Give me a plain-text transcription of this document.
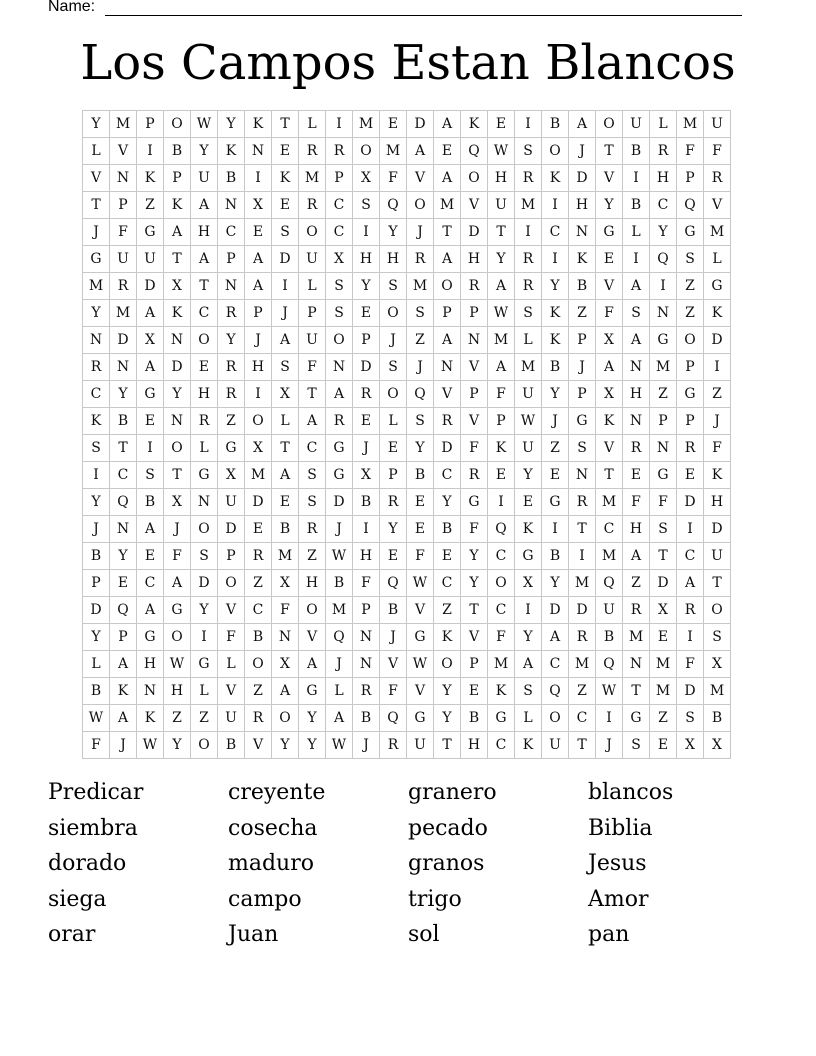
Name:
Los Campos Estan Blancos
Y	M	P	O	W	Y	K	T	L	I	M	E	D	A	K	E	I	B	A	O	U	L	M U
L	V	I	B	Y	K	N	E	R	R	O	M	A	E	Q	W	S	O	J	T	B	R	F	F
V	N	K	P	U	B	I	K	M	P	X	F	V	A	O	H	R	K	D	V	I	H	P	R
T	P	Z	K	A	N	X	E	R	C	S	Q	O	M	V	U M	I	H	Y	B	C	Q	V
J	F	G	A	H	C	E	S	O	C	I	Y	J	T	D	T	I	C	N	G	L	Y	G	M
G	U	U	T	A	P	A	D	U	X	H	H	R	A	H	Y	R	I	K	E	I	Q	S	L
M	R	D	X	T	N	A	I	L	S	Y	S	M	O	R	A	R	Y	B	V	A	I	Z	G
Y	M	A	K	C	R	P	J	P	S	E	O	S	P	P	W	S	K	Z	F	S	N	Z	K
N	D	X	N	O	Y	J	A	U	O	P	J	Z	A	N M	L	K	P	X	A	G	O	D
R	N	A	D	E	R	H	S	F	N	D	S	J	N	V	A	M	B	J	A	N M	P	I
C	Y	G	Y	H	R	I	X	T	A	R	O	Q	V	P	F	U	Y	P	X	H	Z	G	Z
K	B	E	N	R	Z	O	L	A	R	E	L	S	R	V	P	W	J	G	K	N	P	P	J
S	T	I	O	L	G	X	T	C	G	J	E	Y	D	F	K	U	Z	S	V	R	N	R	F
I	C	S	T	G	X	M	A	S	G	X	P	B	C	R	E	Y	E	N	T	E	G	E	K
Y	Q	B	X	N	U	D	E	S	D	B	R	E	Y	G	I	E	G	R	M	F	F	D	H
J	N	A	J	O	D	E	B	R	J	I	Y	E	B	F	Q	K	I	T	C	H	S	I	D
B	Y	E	F	S	P	R	M	Z	W H	E	F	E	Y	C	G	B	I	M	A	T	C	U
P	E	C	A	D	O	Z	X	H	B	F	Q	W	C	Y	O	X	Y	M	Q	Z	D	A	T
D	Q	A	G	Y	V	C	F	O	M	P	B	V	Z	T	C	I	D	D	U	R	X	R	O
Y	P	G	O	I	F	B	N	V	Q	N	J	G	K	V	F	Y	A	R	B	M	E	I	S
L	A	H W	G	L	O	X	A	J	N	V	W	O	P	M	A	C	M	Q	N M	F	X
B	K	N	H	L	V	Z	A	G	L	R	F	V	Y	E	K	S	Q	Z	W	T	M	D	M
W	A	K	Z	Z	U	R	O	Y	A	B	Q	G	Y	B	G	L	O	C	I	G	Z	S	B
F	J	W	Y	O	B	V	Y	Y	W	J	R	U	T	H	C	K	U	T	J	S	E	X	X
Predicar	creyente	granero	blancos
siembra	cosecha	pecado	Biblia
dorado	maduro	granos	Jesus
siega	campo	trigo	Amor
orar	Juan	sol	pan
